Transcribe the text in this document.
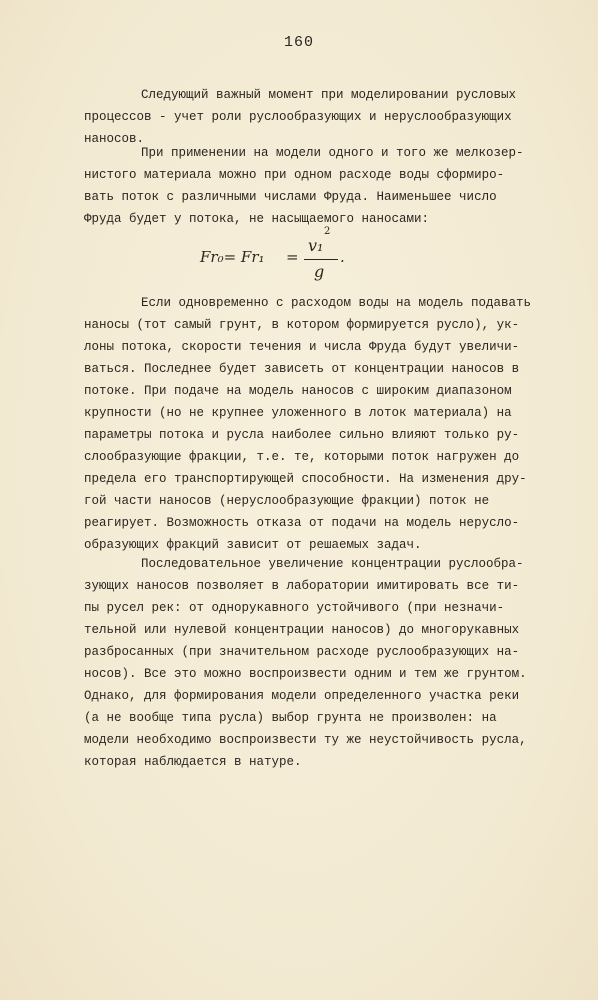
160
Следующий важный момент при моделировании русловых
процессов - учет роли руслообразующих и неруслообразующих
наносов.
При применении на модели одного и того же мелкозер-
нистого материала можно при одном расходе воды сформиро-
вать поток с различными числами Фруда. Наименьшее число
Фруда будет у потока, не насыщаемого наносами:
Fr₀= Fr₁ =
v₁
2
g
.
Если одновременно с расходом воды на модель подавать
наносы (тот самый грунт, в котором формируется русло), ук-
лоны потока, скорости течения и числа Фруда будут увеличи-
ваться. Последнее будет зависеть от концентрации наносов в
потоке. При подаче на модель наносов с широким диапазоном
крупности (но не крупнее уложенного в лоток материала) на
параметры потока и русла наиболее сильно влияют только ру-
слообразующие фракции, т.е. те, которыми поток нагружен до
предела его транспортирующей способности. На изменения дру-
гой части наносов (неруслообразующие фракции) поток не
реагирует. Возможность отказа от подачи на модель нерусло-
образующих фракций зависит от решаемых задач.
Последовательное увеличение концентрации руслообра-
зующих наносов позволяет в лаборатории имитировать все ти-
пы русел рек: от однорукавного устойчивого (при незначи-
тельной или нулевой концентрации наносов) до многорукавных
разбросанных (при значительном расходе руслообразующих на-
носов). Все это можно воспроизвести одним и тем же грунтом.
Однако, для формирования модели определенного участка реки
(а не вообще типа русла) выбор грунта не произволен: на
модели необходимо воспроизвести ту же неустойчивость русла,
которая наблюдается в натуре.
